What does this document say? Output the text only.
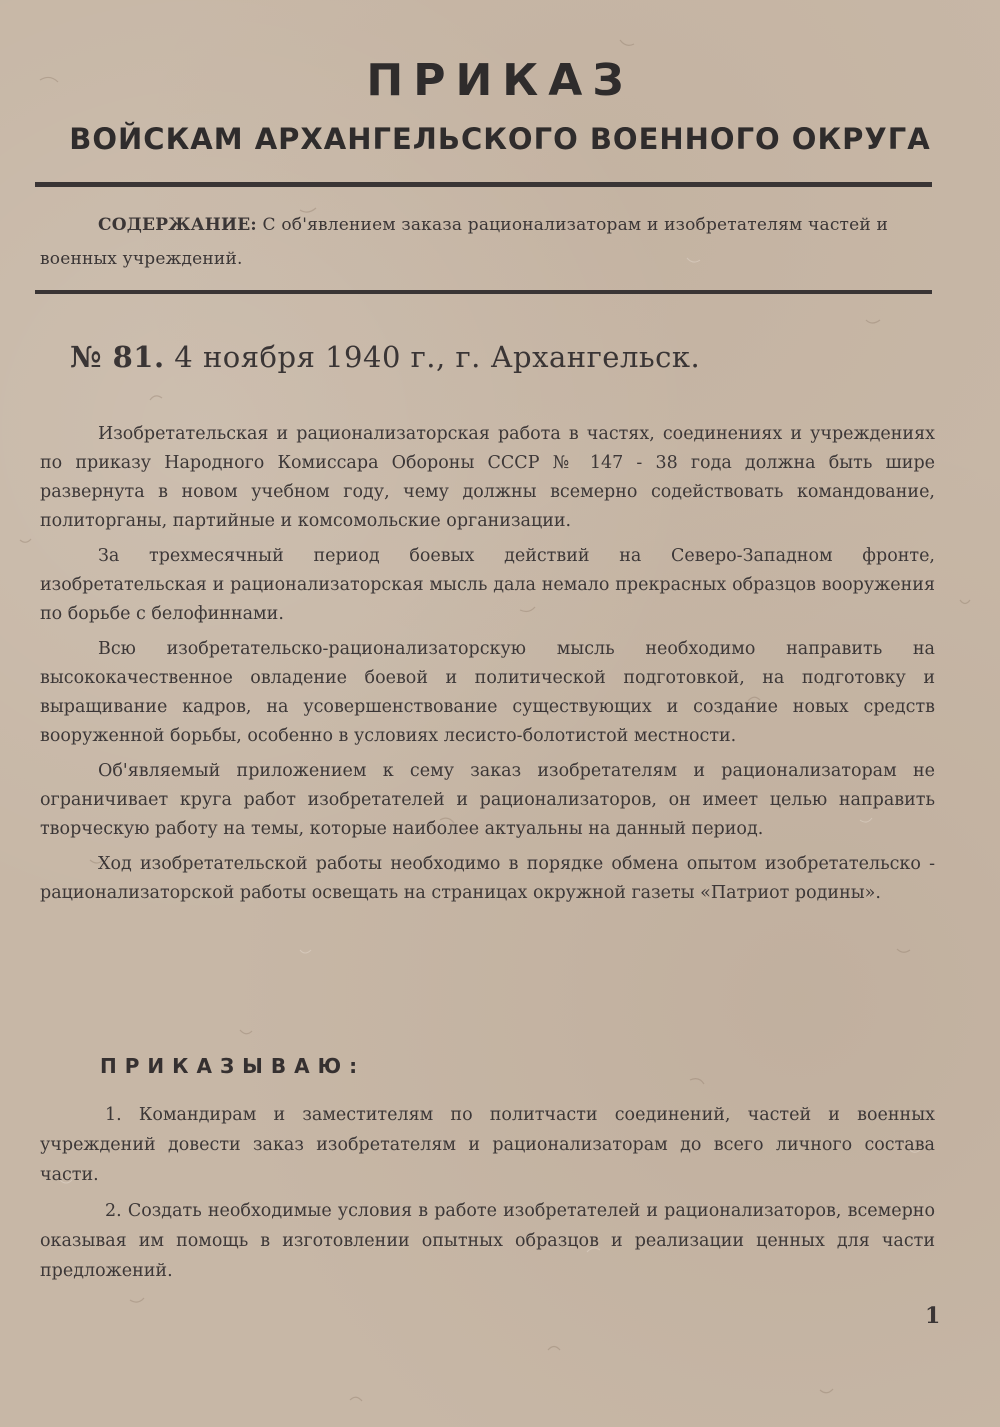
ПРИКАЗ
ВОЙСКАМ АРХАНГЕЛЬСКОГО ВОЕННОГО ОКРУГА
СОДЕРЖАНИЕ: С об'явлением заказа рационализаторам и изобретателям частей и военных учреждений.
№ 81. 4 ноября 1940 г., г. Архангельск.

Изобретательская и рационализаторская работа в частях, соединениях и учреждениях по приказу Народного Комиссара Обороны СССР № 147 - 38 года должна быть шире развернута в новом учебном году, чему должны всемерно содействовать командование, политорганы, партийные и комсомольские организации.

За трехмесячный период боевых действий на Северо-Западном фронте, изобретательская и рационализаторская мысль дала немало прекрасных образцов вооружения по борьбе с белофиннами.

Всю изобретательско-рационализаторскую мысль необходимо направить на высококачественное овладение боевой и политической подготовкой, на подготовку и выращивание кадров, на усовершенствование существующих и создание новых средств вооруженной борьбы, особенно в условиях лесисто-болотистой местности.

Об'являемый приложением к сему заказ изобретателям и рационализаторам не ограничивает круга работ изобретателей и рационализаторов, он имеет целью направить творческую работу на темы, которые наиболее актуальны на данный период.

Ход изобретательской работы необходимо в порядке обмена опытом изобретательско - рационализаторской работы освещать на страницах окружной газеты «Патриот родины».

ПРИКАЗЫВАЮ:

1. Командирам и заместителям по политчасти соединений, частей и военных учреждений довести заказ изобретателям и рационализаторам до всего личного состава части.

2. Создать необходимые условия в работе изобретателей и рационализаторов, всемерно оказывая им помощь в изготовлении опытных образцов и реализации ценных для части предложений.

1
